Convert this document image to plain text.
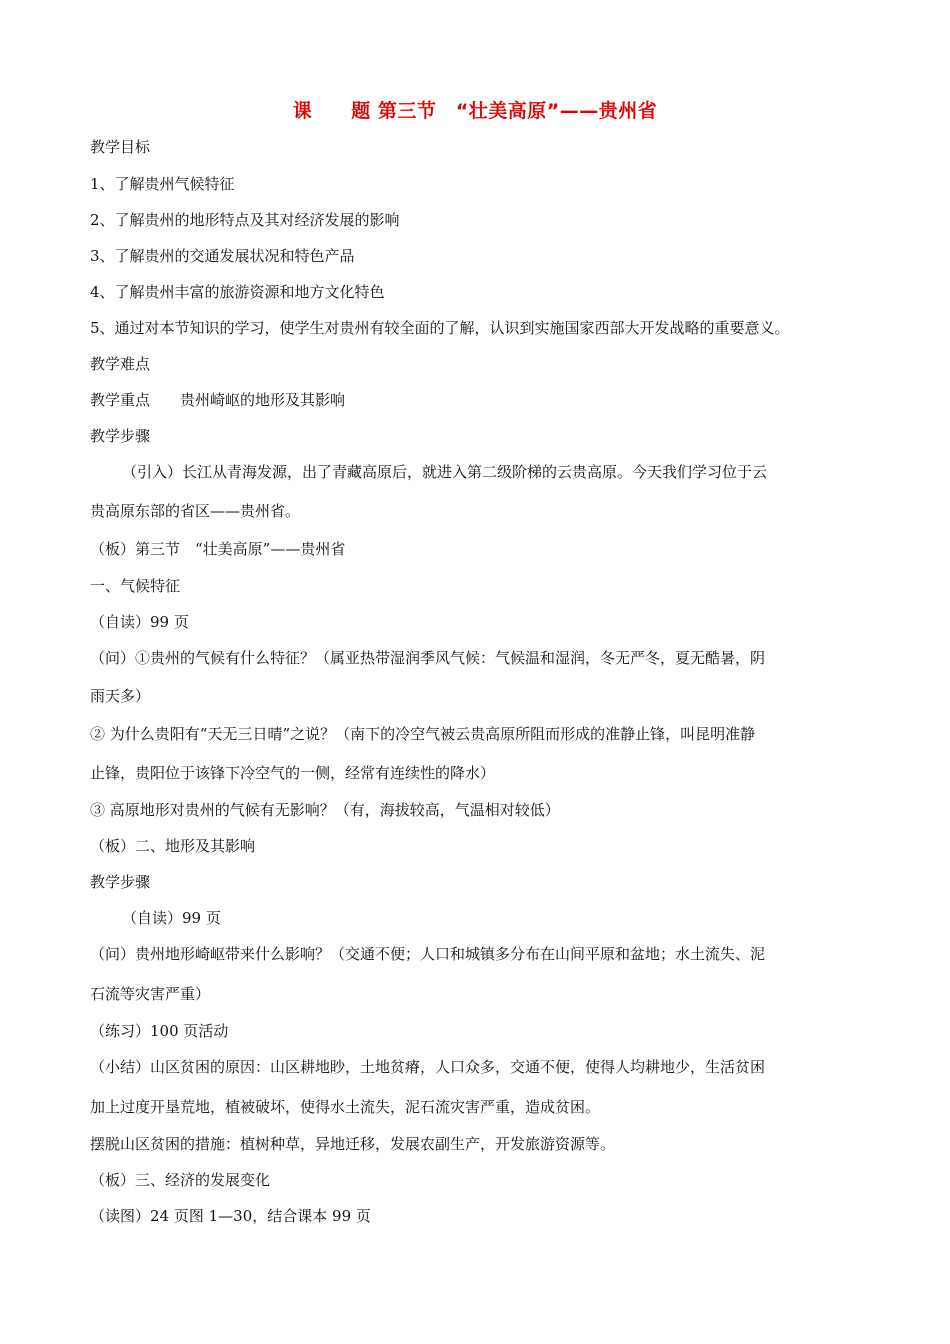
课　　题 第三节　“壮美高原”——贵州省
教学目标
1、了解贵州气候特征
2、了解贵州的地形特点及其对经济发展的影响
3、了解贵州的交通发展状况和特色产品
4、了解贵州丰富的旅游资源和地方文化特色
5、通过对本节知识的学习，使学生对贵州有较全面的了解，认识到实施国家西部大开发战略的重要意义。
教学难点
教学重点　　贵州崎岖的地形及其影响
教学步骤
（引入）长江从青海发源，出了青藏高原后，就进入第二级阶梯的云贵高原。今天我们学习位于云
贵高原东部的省区——贵州省。
（板）第三节　“壮美高原”——贵州省
一、气候特征
（自读）99 页
（问）①贵州的气候有什么特征？（属亚热带湿润季风气候：气候温和湿润，冬无严冬，夏无酷暑，阴
雨天多）
② 为什么贵阳有“天无三日晴”之说？（南下的冷空气被云贵高原所阻而形成的准静止锋，叫昆明准静
止锋，贵阳位于该锋下冷空气的一侧，经常有连续性的降水）
③ 高原地形对贵州的气候有无影响？（有，海拔较高，气温相对较低）
（板）二、地形及其影响
教学步骤
（自读）99 页
（问）贵州地形崎岖带来什么影响？（交通不便；人口和城镇多分布在山间平原和盆地；水土流失、泥
石流等灾害严重）
（练习）100 页活动
（小结）山区贫困的原因：山区耕地眇，土地贫瘠，人口众多，交通不便，使得人均耕地少，生活贫困
加上过度开垦荒地，植被破坏，使得水土流失，泥石流灾害严重，造成贫困。
摆脱山区贫困的措施：植树种草，异地迁移，发展农副生产，开发旅游资源等。
（板）三、经济的发展变化
（读图）24 页图 1—30，结合课本 99 页
